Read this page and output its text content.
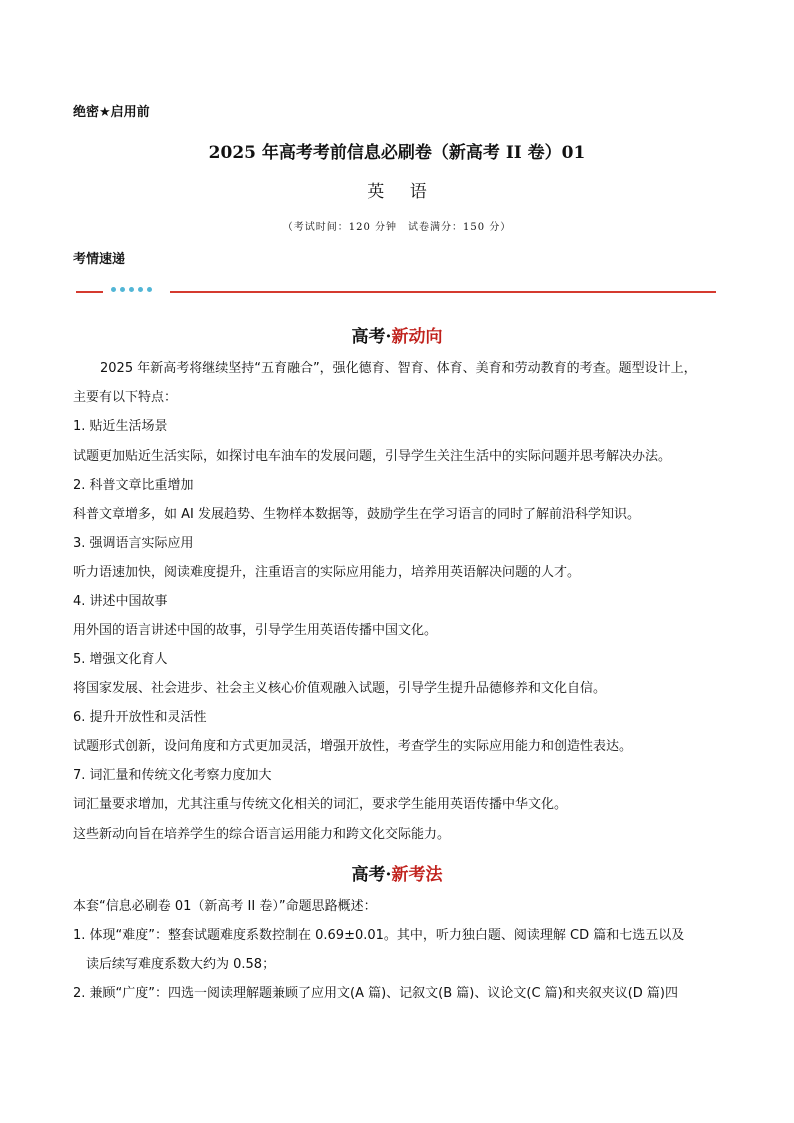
绝密★启用前
2025 年高考考前信息必刷卷（新高考 II 卷）01
英 语
（考试时间：120 分钟　试卷满分：150 分）
考情速递
高考·新动向
2025 年新高考将继续坚持“五育融合”，强化德育、智育、体育、美育和劳动教育的考查。题型设计上，
主要有以下特点：
1. 贴近生活场景
试题更加贴近生活实际，如探讨电车油车的发展问题，引导学生关注生活中的实际问题并思考解决办法。
2. 科普文章比重增加
科普文章增多，如 AI 发展趋势、生物样本数据等，鼓励学生在学习语言的同时了解前沿科学知识。
3. 强调语言实际应用
听力语速加快，阅读难度提升，注重语言的实际应用能力，培养用英语解决问题的人才。
4. 讲述中国故事
用外国的语言讲述中国的故事，引导学生用英语传播中国文化。
5. 增强文化育人
将国家发展、社会进步、社会主义核心价值观融入试题，引导学生提升品德修养和文化自信。
6. 提升开放性和灵活性
试题形式创新，设问角度和方式更加灵活，增强开放性，考查学生的实际应用能力和创造性表达。
7. 词汇量和传统文化考察力度加大
词汇量要求增加，尤其注重与传统文化相关的词汇，要求学生能用英语传播中华文化。
这些新动向旨在培养学生的综合语言运用能力和跨文化交际能力。
高考·新考法
本套“信息必刷卷 01（新高考 II 卷）”命题思路概述：
1. 体现“难度”：整套试题难度系数控制在 0.69±0.01。其中，听力独白题、阅读理解 CD 篇和七选五以及
读后续写难度系数大约为 0.58；
2. 兼顾“广度”：四选一阅读理解题兼顾了应用文(A 篇)、记叙文(B 篇)、议论文(C 篇)和夹叙夹议(D 篇)四
